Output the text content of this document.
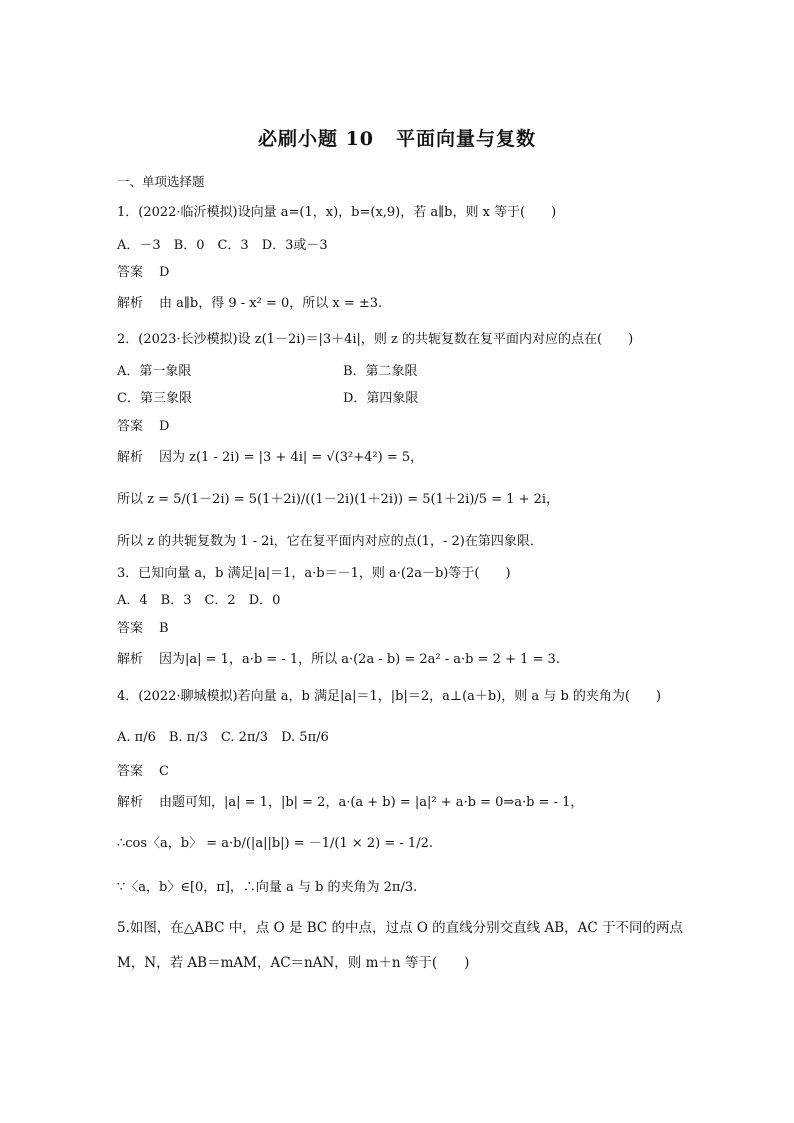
必刷小题 10 平面向量与复数
一、单项选择题
1．(2022·临沂模拟)设向量 a=(1，x)，b=(x,9)，若 a∥b，则 x 等于(　　)
A．－3　B．0　C．3　D．3或－3
答案 D
解析 由 a∥b，得 9 - x² = 0，所以 x = ±3.
2．(2023·长沙模拟)设 z(1－2i)＝|3＋4i|，则 z 的共轭复数在复平面内对应的点在(　　)
A．第一象限	B．第二象限
C．第三象限	D．第四象限
答案 D
解析 因为 z(1 - 2i) = |3 + 4i| = √(3²+4²) = 5，
所以 z = 5/(1－2i) = 5(1＋2i)/((1－2i)(1＋2i)) = 5(1＋2i)/5 = 1 + 2i，
所以 z 的共轭复数为 1 - 2i，它在复平面内对应的点(1，- 2)在第四象限．
3．已知向量 a，b 满足|a|＝1，a·b＝－1，则 a·(2a－b)等于(　　)
A．4　B．3　C．2　D．0
答案 B
解析 因为|a| = 1，a·b = - 1，所以 a·(2a - b) = 2a² - a·b = 2 + 1 = 3.
4．(2022·聊城模拟)若向量 a，b 满足|a|＝1，|b|＝2，a⊥(a＋b)，则 a 与 b 的夹角为(　　)
A. π/6　B. π/3　C. 2π/3　D. 5π/6
答案 C
解析 由题可知，|a| = 1，|b| = 2，a·(a + b) = |a|² + a·b = 0⇒a·b = - 1，
∴cos〈a，b〉 = a·b/(|a||b|) = －1/(1 × 2) = - 1/2.
∵〈a，b〉∈[0，π]，∴向量 a 与 b 的夹角为 2π/3.
5.如图，在△ABC 中，点 O 是 BC 的中点，过点 O 的直线分别交直线 AB，AC 于不同的两点
M，N，若 AB＝mAM，AC＝nAN，则 m＋n 等于(　　)
